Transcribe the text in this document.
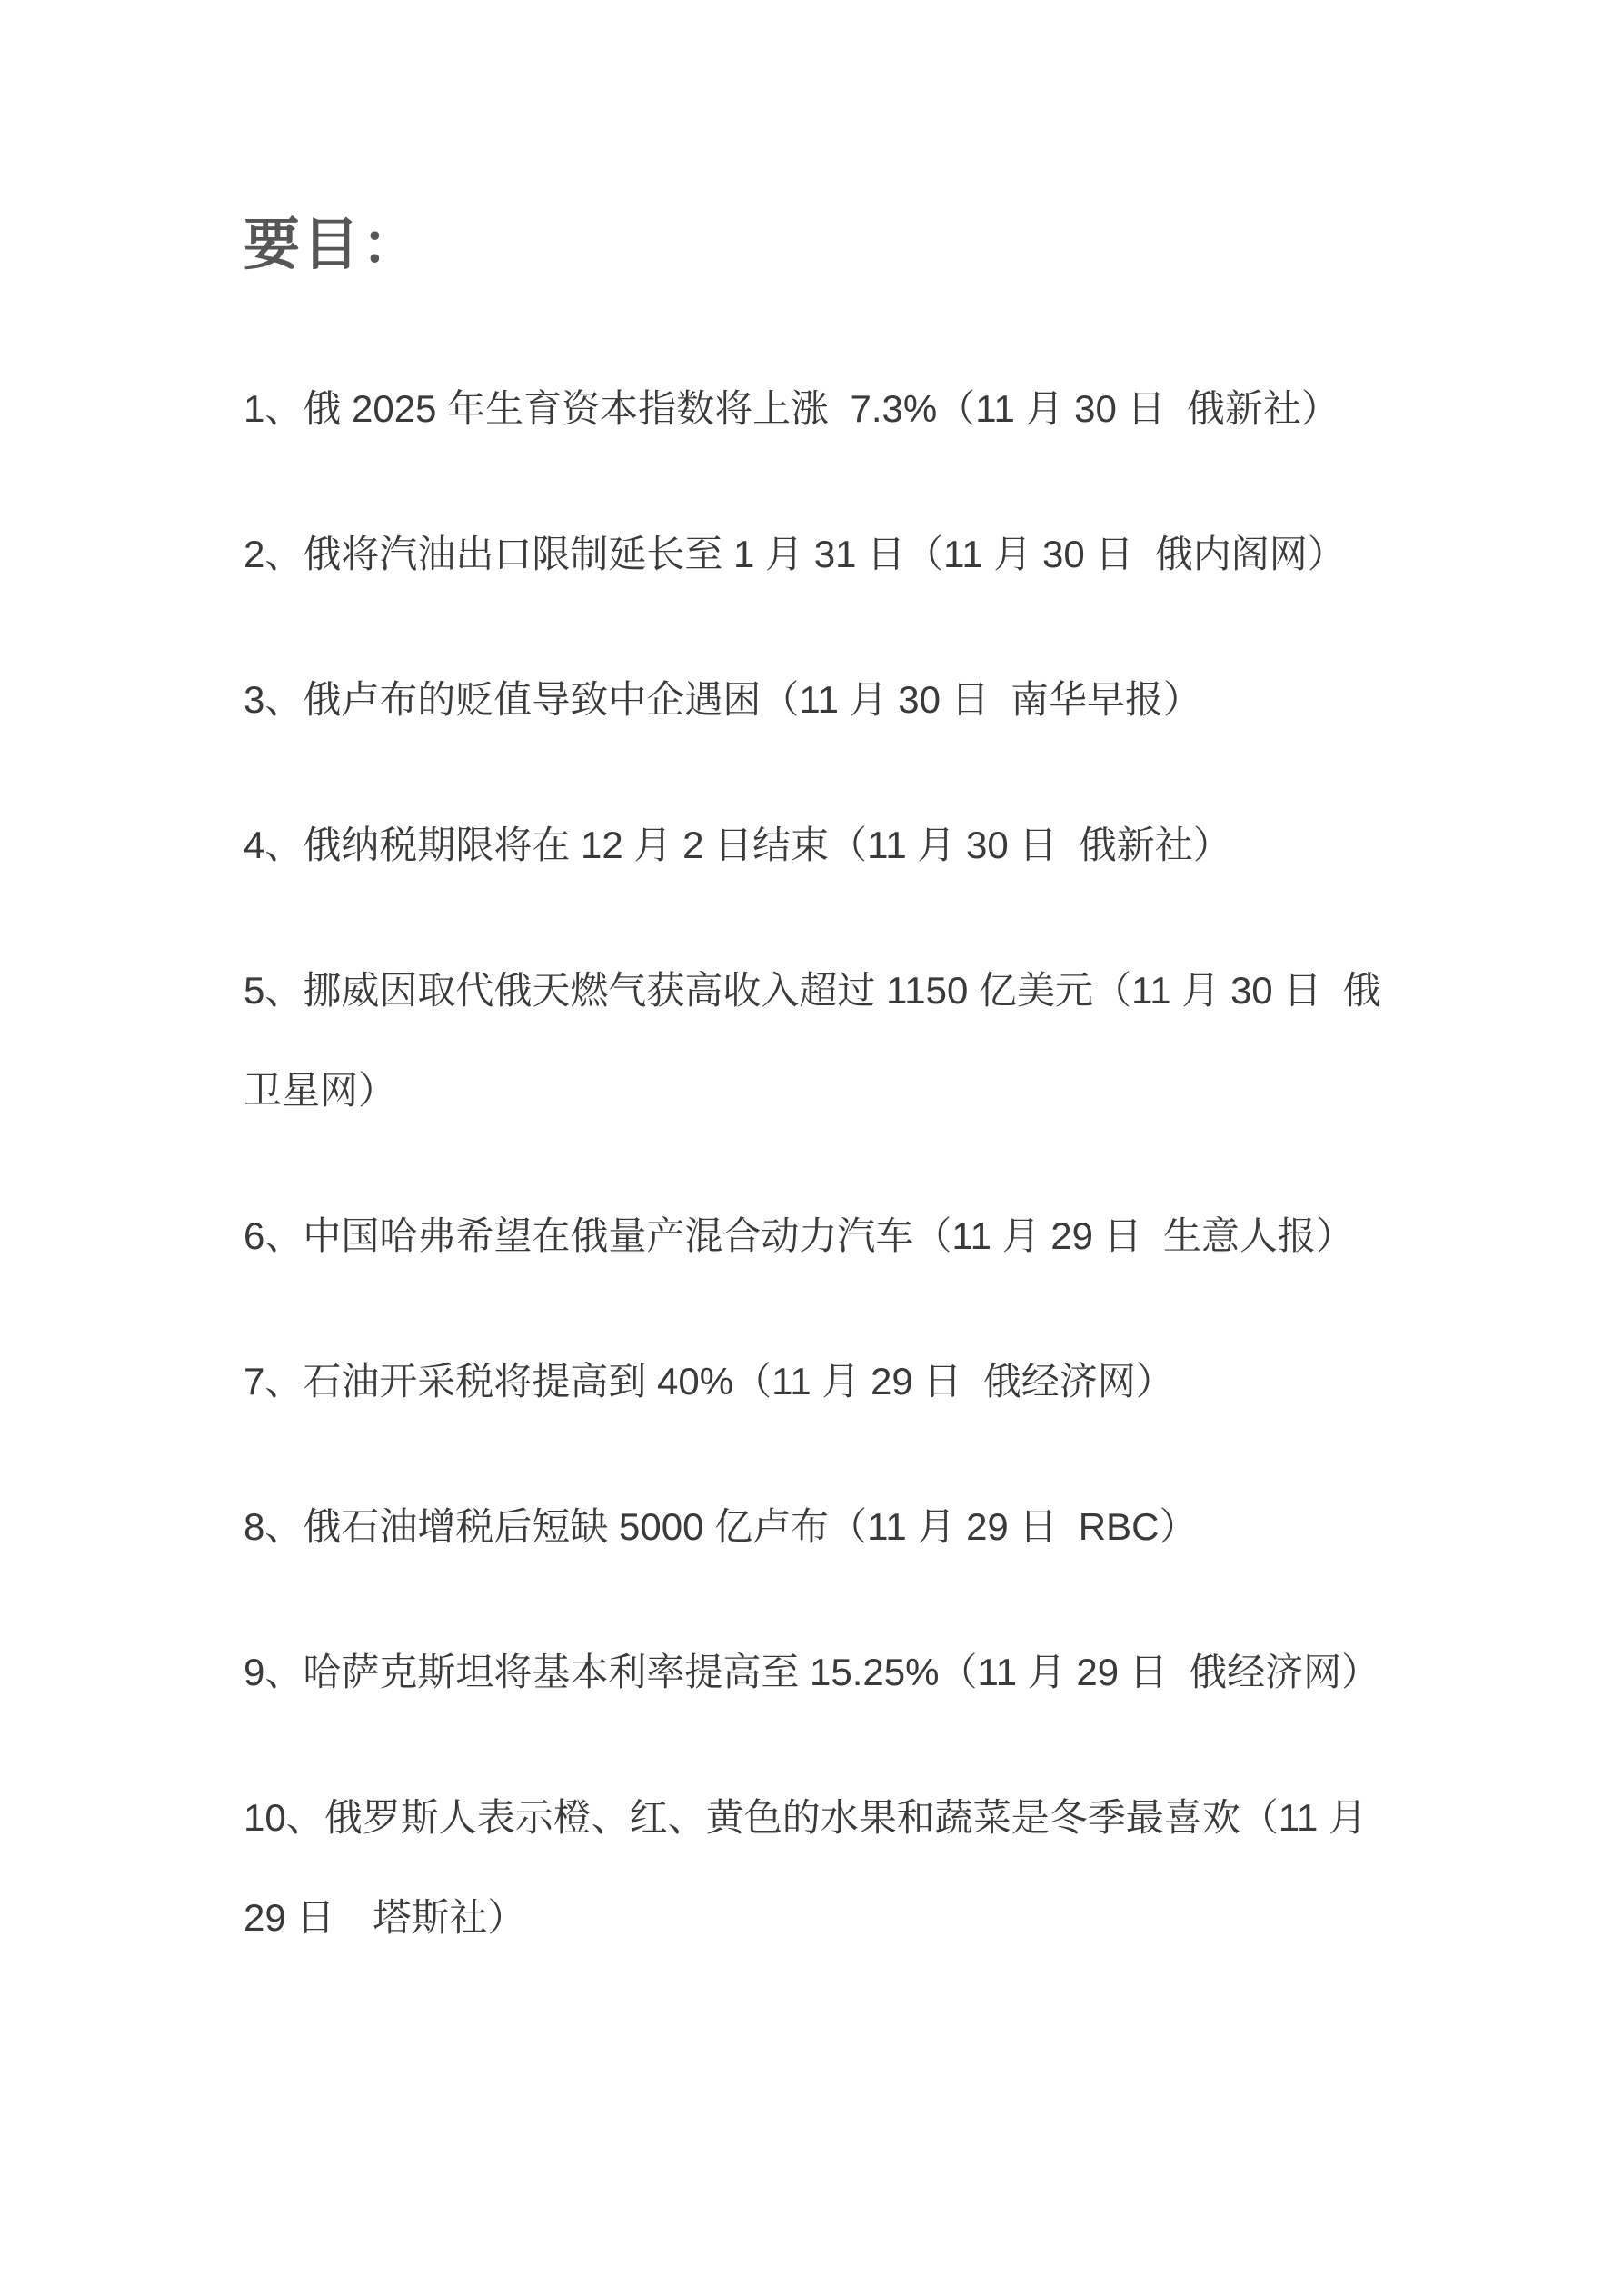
要目：

1、俄 2025 年生育资本指数将上涨  7.3%（11 月 30 日  俄新社）

2、俄将汽油出口限制延长至 1 月 31 日（11 月 30 日  俄内阁网）

3、俄卢布的贬值导致中企遇困（11 月 30 日  南华早报）

4、俄纳税期限将在 12 月 2 日结束（11 月 30 日  俄新社）

5、挪威因取代俄天燃气获高收入超过 1150 亿美元（11 月 30 日  俄卫星网）

6、中国哈弗希望在俄量产混合动力汽车（11 月 29 日  生意人报）

7、石油开采税将提高到 40%（11 月 29 日  俄经济网）

8、俄石油增税后短缺 5000 亿卢布（11 月 29 日  RBC）

9、哈萨克斯坦将基本利率提高至 15.25%（11 月 29 日  俄经济网）

10、俄罗斯人表示橙、红、黄色的水果和蔬菜是冬季最喜欢（11 月 29 日　塔斯社）
